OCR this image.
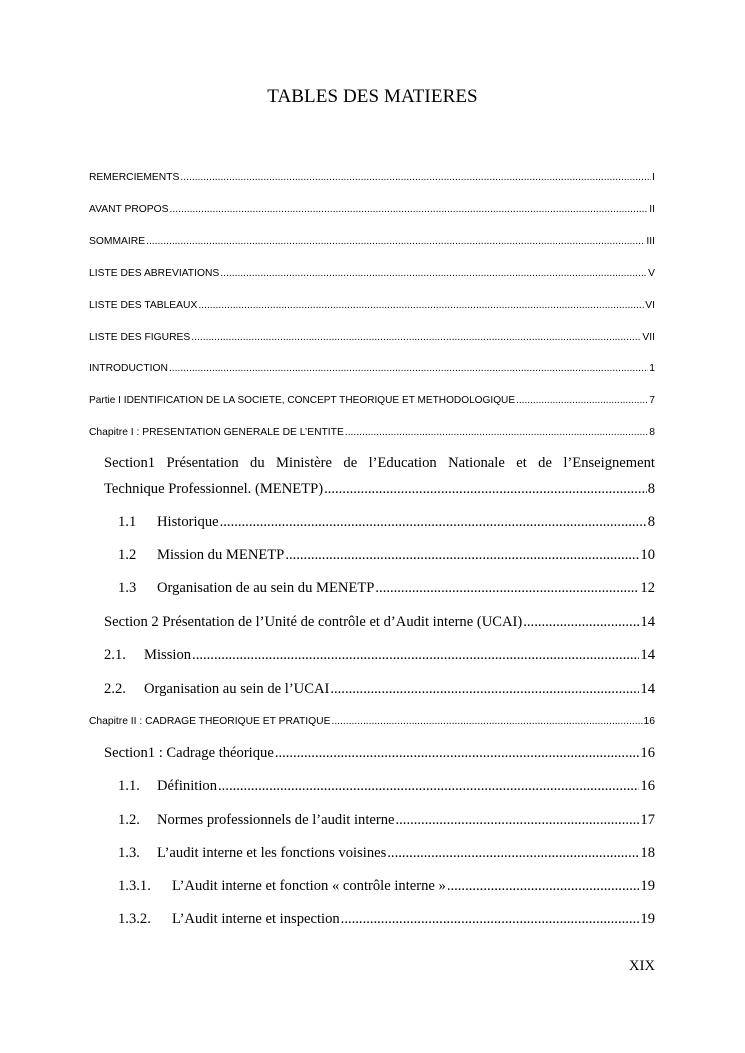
TABLES DES MATIERES
REMERCIEMENTS .....	I
AVANT PROPOS .....	II
SOMMAIRE .....	III
LISTE DES ABREVIATIONS .....	V
LISTE DES TABLEAUX .....	VI
LISTE DES FIGURES .....	VII
INTRODUCTION .....	1
Partie I IDENTIFICATION DE LA SOCIETE, CONCEPT THEORIQUE ET METHODOLOGIQUE .....	7
Chapitre I : PRESENTATION GENERALE DE L’ENTITE .....	8
Section1 Présentation du Ministère de l’Education Nationale et de l’Enseignement
Technique Professionnel. (MENETP) .....	8
1.1	Historique .....	8
1.2	Mission du MENETP .....	10
1.3	Organisation de au sein du MENETP .....	12
Section 2 Présentation de l’Unité de contrôle et d’Audit interne (UCAI) .....	14
2.1.	Mission .....	14
2.2.	Organisation au sein de l’UCAI .....	14
Chapitre II : CADRAGE THEORIQUE ET PRATIQUE .....	16
Section1 : Cadrage théorique .....	16
1.1.	Définition .....	16
1.2.	Normes professionnels de l’audit interne .....	17
1.3.	L’audit interne et les fonctions voisines .....	18
1.3.1.	L’Audit interne et fonction « contrôle interne » .....	19
1.3.2.	L’Audit interne et inspection .....	19
XIX
